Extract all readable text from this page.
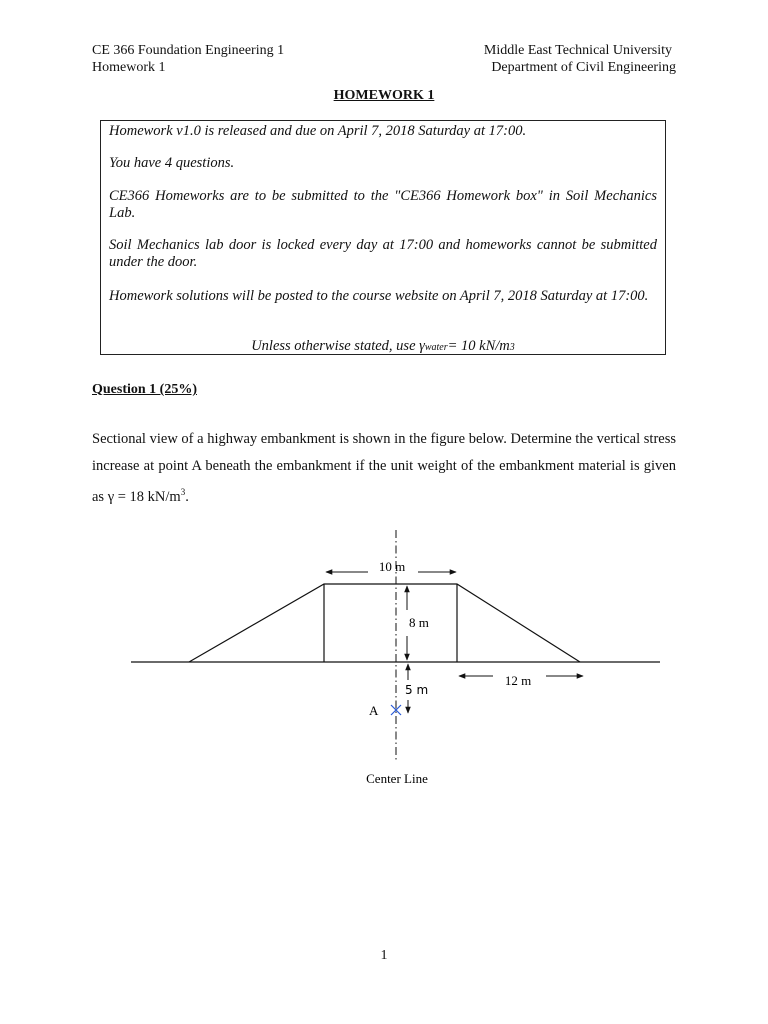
CE 366 Foundation Engineering 1
Homework 1
Middle East Technical University
Department of Civil Engineering
HOMEWORK 1
Homework v1.0 is released and due on April 7, 2018 Saturday at 17:00.
You have 4 questions.
CE366 Homeworks are to be submitted to the "CE366 Homework box" in Soil Mechanics Lab.
Soil Mechanics lab door is locked every day at 17:00 and homeworks cannot be submitted under the door.
Homework solutions will be posted to the course website on April 7, 2018 Saturday at 17:00.
Unless otherwise stated, use γwater= 10 kN/m3
Question 1 (25%)
Sectional view of a highway embankment is shown in the figure below. Determine the vertical stress increase at point A beneath the embankment if the unit weight of the embankment material is given as γ = 18 $kN/m^3$.
10 m
8 m
5 m
12 m
A
Center Line
1
